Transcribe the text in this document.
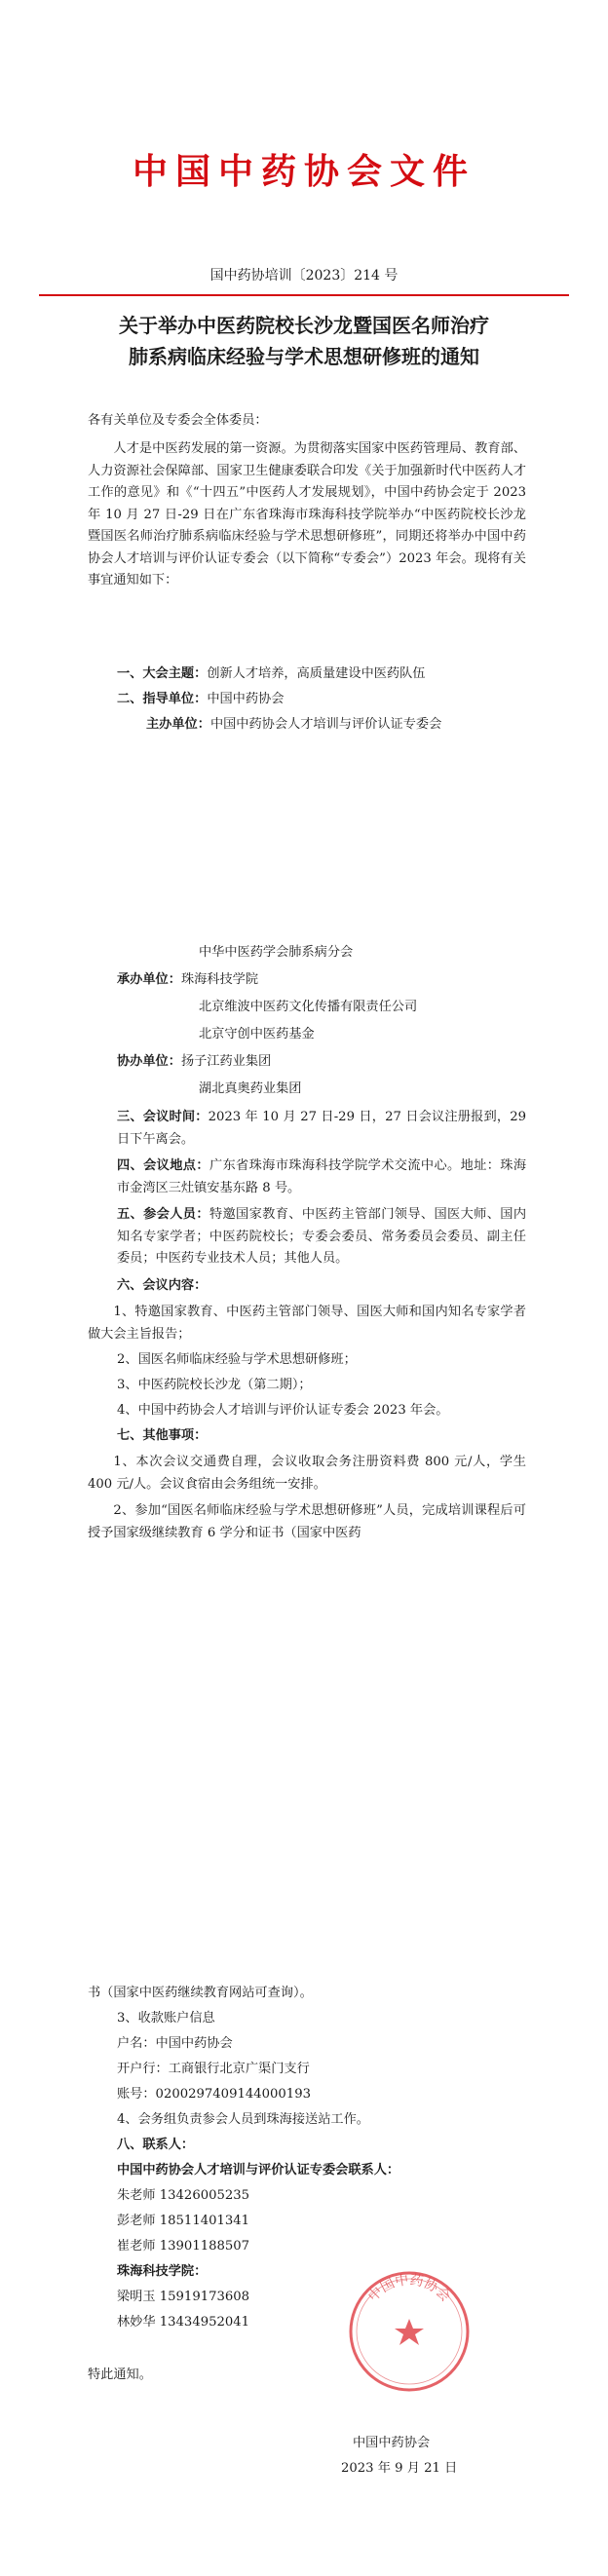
中国中药协会文件
国中药协培训〔2023〕214 号
关于举办中医药院校长沙龙暨国医名师治疗
肺系病临床经验与学术思想研修班的通知
各有关单位及专委会全体委员：
人才是中医药发展的第一资源。为贯彻落实国家中医药管理局、教育部、人力资源社会保障部、国家卫生健康委联合印发《关于加强新时代中医药人才工作的意见》和《“十四五”中医药人才发展规划》，中国中药协会定于 2023 年 10 月 27 日-29 日在广东省珠海市珠海科技学院举办“中医药院校长沙龙暨国医名师治疗肺系病临床经验与学术思想研修班”，同期还将举办中国中药协会人才培训与评价认证专委会（以下简称“专委会”）2023 年会。现将有关事宜通知如下：
一、大会主题：创新人才培养，高质量建设中医药队伍
二、指导单位：中国中药协会
主办单位：中国中药协会人才培训与评价认证专委会
中华中医药学会肺系病分会
承办单位：珠海科技学院
北京维波中医药文化传播有限责任公司
北京守创中医药基金
协办单位：扬子江药业集团
湖北真奥药业集团
三、会议时间：2023 年 10 月 27 日-29 日，27 日会议注册报到，29 日下午离会。
四、会议地点：广东省珠海市珠海科技学院学术交流中心。地址：珠海市金湾区三灶镇安基东路 8 号。
五、参会人员：特邀国家教育、中医药主管部门领导、国医大师、国内知名专家学者；中医药院校长；专委会委员、常务委员会委员、副主任委员；中医药专业技术人员；其他人员。
六、会议内容：
1、特邀国家教育、中医药主管部门领导、国医大师和国内知名专家学者做大会主旨报告；
2、国医名师临床经验与学术思想研修班；
3、中医药院校长沙龙（第二期）；
4、中国中药协会人才培训与评价认证专委会 2023 年会。
七、其他事项：
1、本次会议交通费自理，会议收取会务注册资料费 800 元/人，学生 400 元/人。会议食宿由会务组统一安排。
2、参加“国医名师临床经验与学术思想研修班”人员，完成培训课程后可授予国家级继续教育 6 学分和证书（国家中医药
书（国家中医药继续教育网站可查询）。
3、收款账户信息
户名：中国中药协会
开户行：工商银行北京广渠门支行
账号：0200297409144000193
4、会务组负责参会人员到珠海接送站工作。
八、联系人：
中国中药协会人才培训与评价认证专委会联系人：
朱老师 13426005235
彭老师 18511401341
崔老师 13901188507
珠海科技学院：
梁明玉 15919173608
林妙华 13434952041
特此通知。
中国中药协会
2023 年 9 月 21 日
中国中药协会
